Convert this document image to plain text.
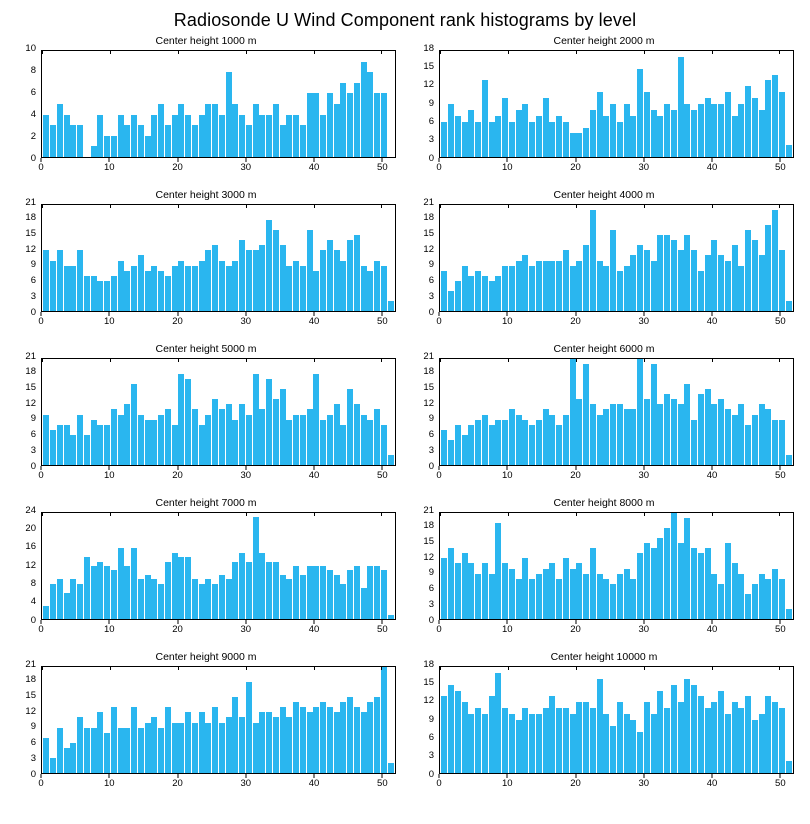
Radiosonde U Wind Component rank histograms by level
Center height 1000 m
0
2
4
6
8
10
0	10	20	30	40	50
Center height 2000 m
0
3
6
9
12
15
18
0	10	20	30	40	50
Center height 3000 m
0
3
6
9
12
15
18
21
0	10	20	30	40	50
Center height 4000 m
0
3
6
9
12
15
18
21
0	10	20	30	40	50
Center height 5000 m
0
3
6
9
12
15
18
21
0	10	20	30	40	50
Center height 6000 m
0
3
6
9
12
15
18
21
0	10	20	30	40	50
Center height 7000 m
0
4
8
12
16
20
24
0	10	20	30	40	50
Center height 8000 m
0
3
6
9
12
15
18
21
0	10	20	30	40	50
Center height 9000 m
0
3
6
9
12
15
18
21
0	10	20	30	40	50
Center height 10000 m
0
3
6
9
12
15
18
0	10	20	30	40	50
